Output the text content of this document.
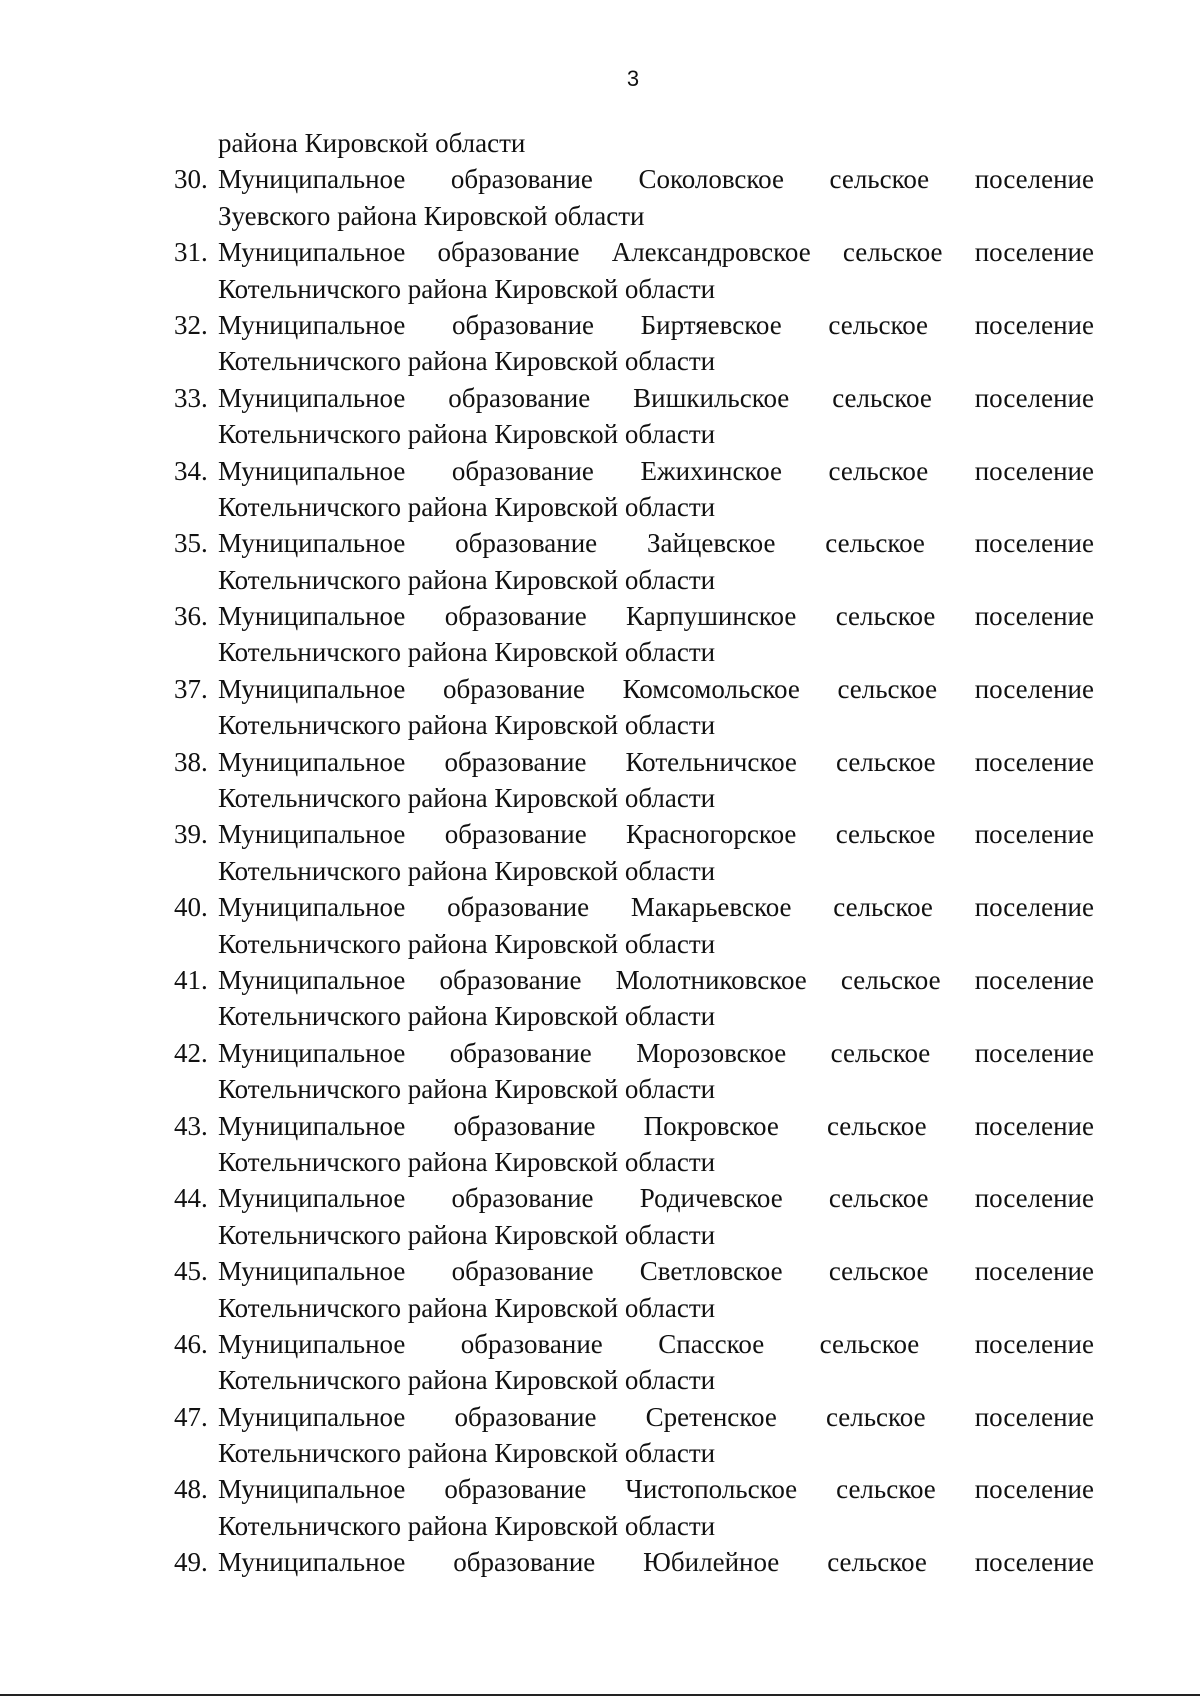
3
района Кировской области
30. Муниципальное образование Соколовское сельское поселение
Зуевского района Кировской области
31. Муниципальное образование Александровское сельское поселение
Котельничского района Кировской области
32. Муниципальное образование Биртяевское сельское поселение
Котельничского района Кировской области
33. Муниципальное образование Вишкильское сельское поселение
Котельничского района Кировской области
34. Муниципальное образование Ежихинское сельское поселение
Котельничского района Кировской области
35. Муниципальное образование Зайцевское сельское поселение
Котельничского района Кировской области
36. Муниципальное образование Карпушинское сельское поселение
Котельничского района Кировской области
37. Муниципальное образование Комсомольское сельское поселение
Котельничского района Кировской области
38. Муниципальное образование Котельничское сельское поселение
Котельничского района Кировской области
39. Муниципальное образование Красногорское сельское поселение
Котельничского района Кировской области
40. Муниципальное образование Макарьевское сельское поселение
Котельничского района Кировской области
41. Муниципальное образование Молотниковское сельское поселение
Котельничского района Кировской области
42. Муниципальное образование Морозовское сельское поселение
Котельничского района Кировской области
43. Муниципальное образование Покровское сельское поселение
Котельничского района Кировской области
44. Муниципальное образование Родичевское сельское поселение
Котельничского района Кировской области
45. Муниципальное образование Светловское сельское поселение
Котельничского района Кировской области
46. Муниципальное образование Спасское сельское поселение
Котельничского района Кировской области
47. Муниципальное образование Сретенское сельское поселение
Котельничского района Кировской области
48. Муниципальное образование Чистопольское сельское поселение
Котельничского района Кировской области
49. Муниципальное образование Юбилейное сельское поселение
